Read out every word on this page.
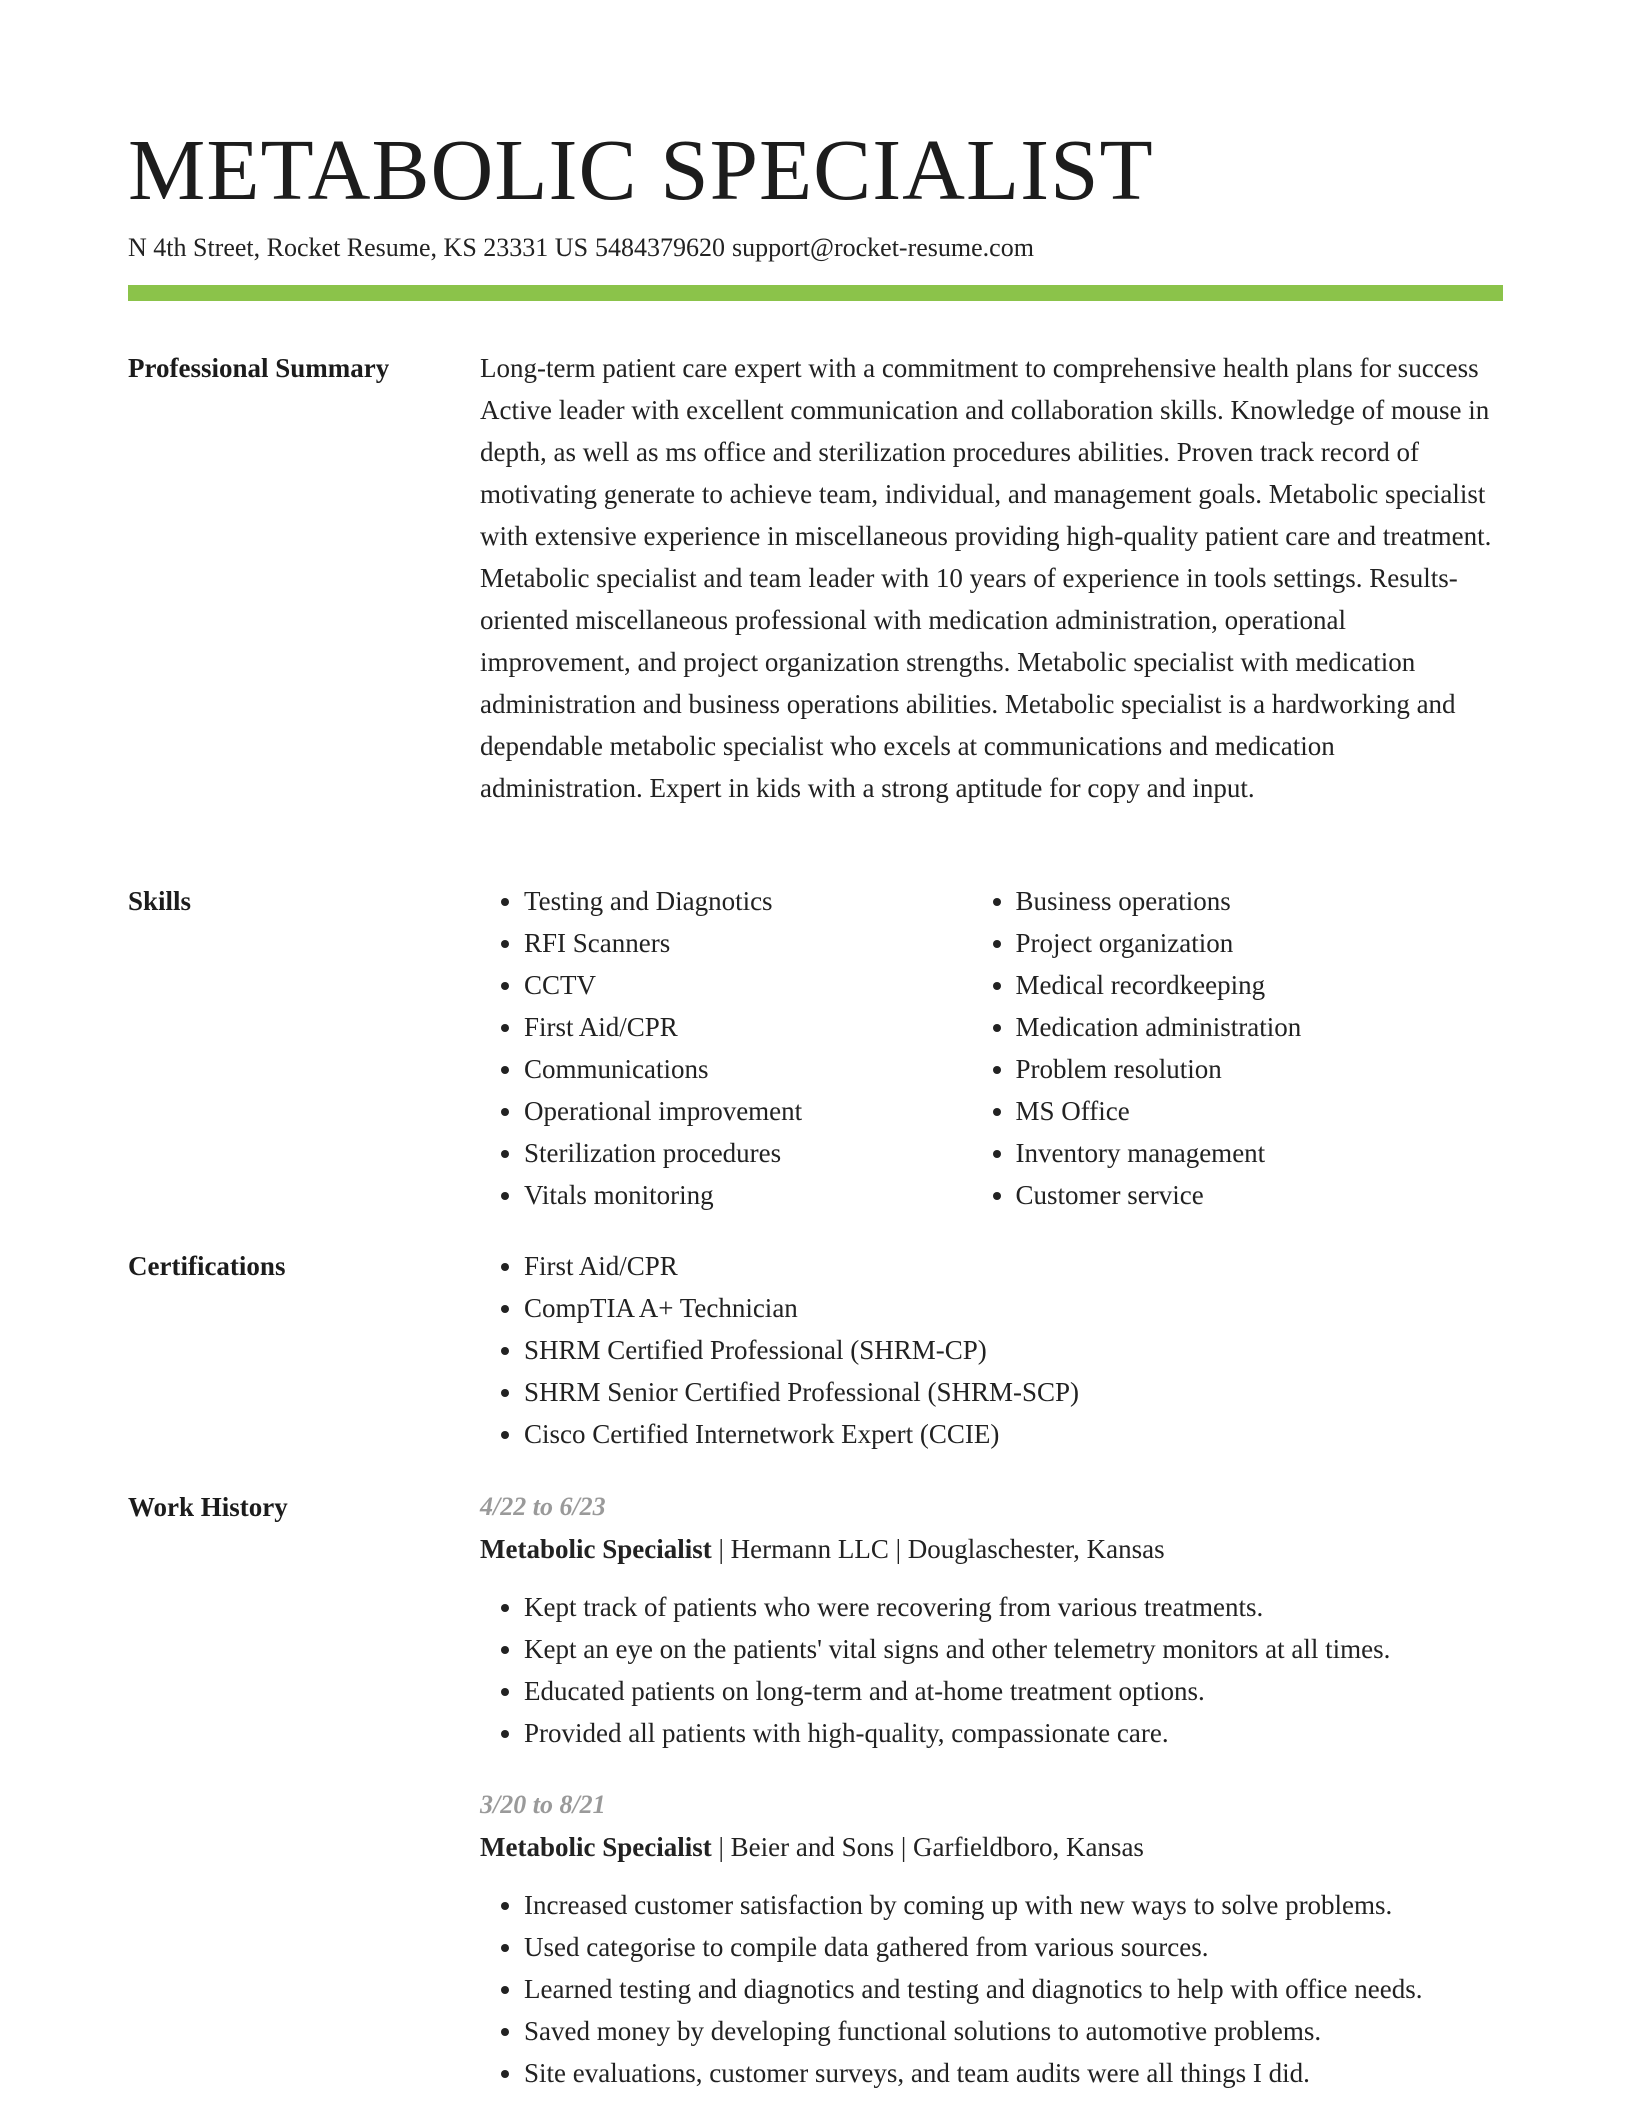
METABOLIC SPECIALIST
N 4th Street, Rocket Resume, KS 23331 US 5484379620 support@rocket-resume.com
Professional Summary	Long-term patient care expert with a commitment to comprehensive health plans for success Active leader with excellent communication and collaboration skills. Knowledge of mouse in depth, as well as ms office and sterilization procedures abilities. Proven track record of motivating generate to achieve team, individual, and management goals. Metabolic specialist with extensive experience in miscellaneous providing high-quality patient care and treatment. Metabolic specialist and team leader with 10 years of experience in tools settings. Results-oriented miscellaneous professional with medication administration, operational improvement, and project organization strengths. Metabolic specialist with medication administration and business operations abilities. Metabolic specialist is a hardworking and dependable metabolic specialist who excels at communications and medication administration. Expert in kids with a strong aptitude for copy and input.

Skills	• Testing and Diagnotics
• RFI Scanners
• CCTV
• First Aid/CPR
• Communications
• Operational improvement
• Sterilization procedures
• Vitals monitoring
• Business operations
• Project organization
• Medical recordkeeping
• Medication administration
• Problem resolution
• MS Office
• Inventory management
• Customer service
Certifications	• First Aid/CPR
• CompTIA A+ Technician
• SHRM Certified Professional (SHRM-CP)
• SHRM Senior Certified Professional (SHRM-SCP)
• Cisco Certified Internetwork Expert (CCIE)
Work History	4/22 to 6/23
Metabolic Specialist | Hermann LLC | Douglaschester, Kansas
• Kept track of patients who were recovering from various treatments.
• Kept an eye on the patients' vital signs and other telemetry monitors at all times.
• Educated patients on long-term and at-home treatment options.
• Provided all patients with high-quality, compassionate care.
3/20 to 8/21
Metabolic Specialist | Beier and Sons | Garfieldboro, Kansas
• Increased customer satisfaction by coming up with new ways to solve problems.
• Used categorise to compile data gathered from various sources.
• Learned testing and diagnotics and testing and diagnotics to help with office needs.
• Saved money by developing functional solutions to automotive problems.
• Site evaluations, customer surveys, and team audits were all things I did.
